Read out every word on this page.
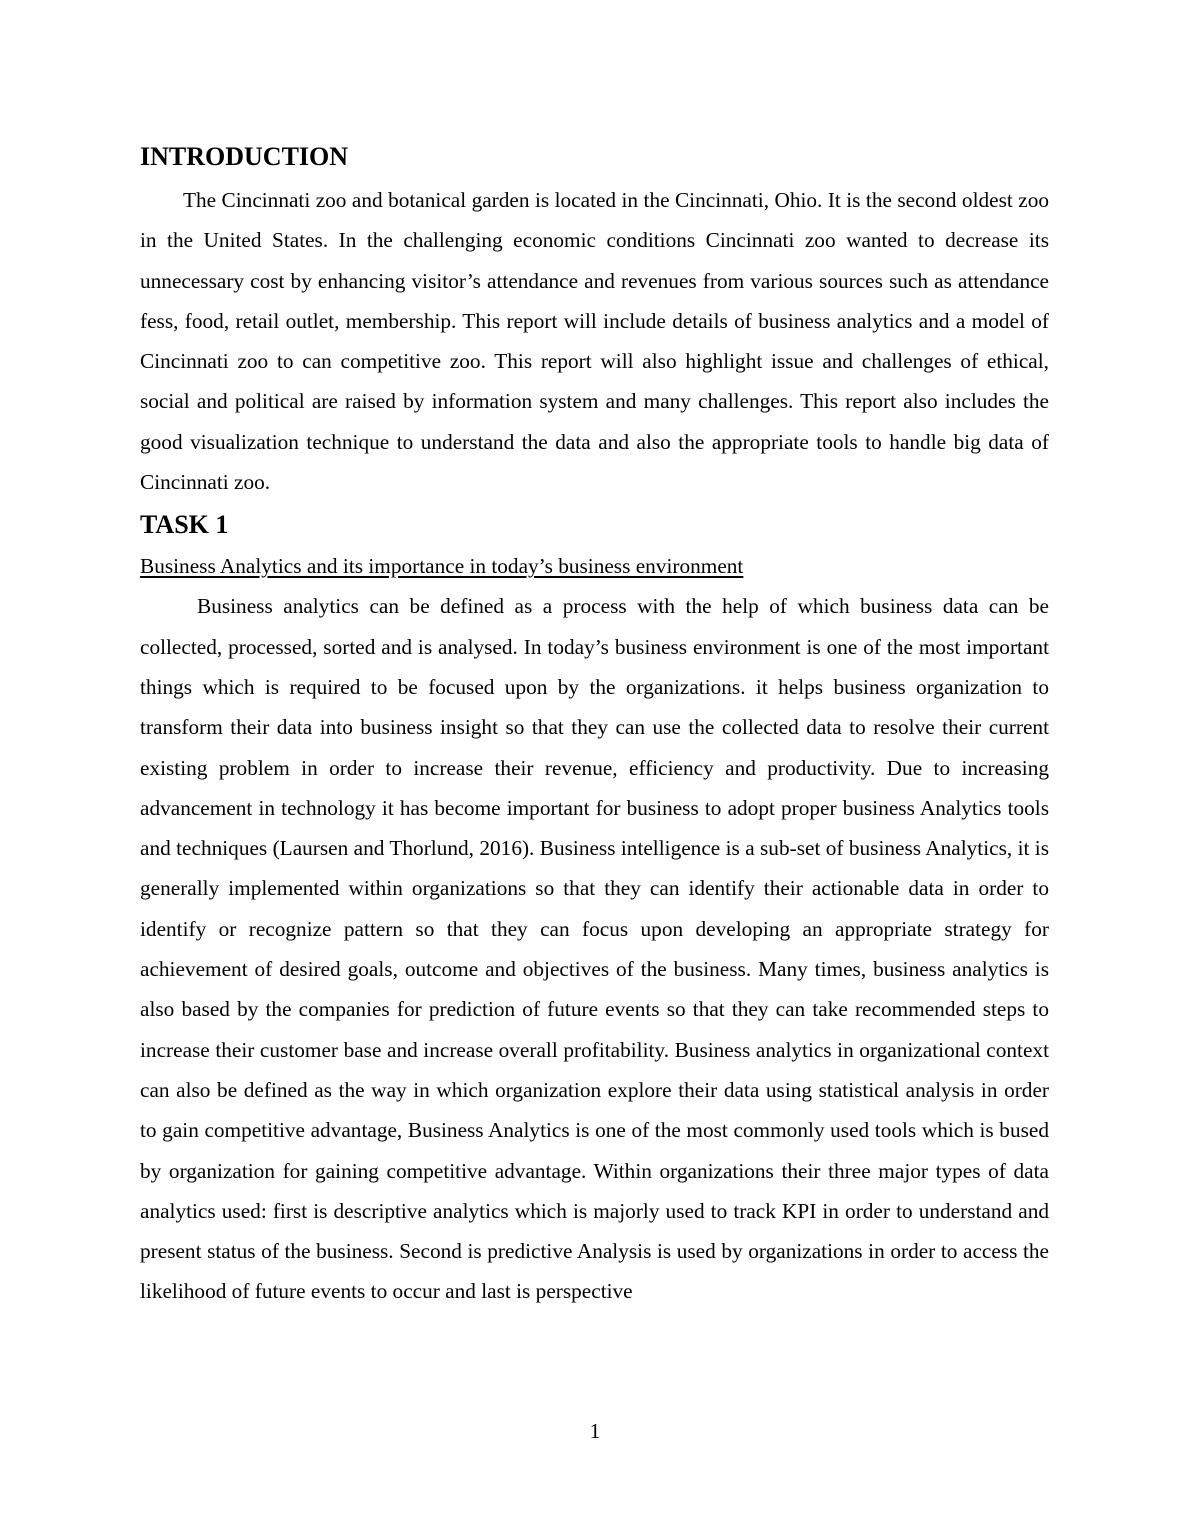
INTRODUCTION

The Cincinnati zoo and botanical garden is located in the Cincinnati, Ohio. It is the second oldest zoo in the United States. In the challenging economic conditions Cincinnati zoo wanted to decrease its unnecessary cost by enhancing visitor’s attendance and revenues from various sources such as attendance fess, food, retail outlet, membership. This report will include details of business analytics and a model of Cincinnati zoo to can competitive zoo. This report will also highlight issue and challenges of ethical, social and political are raised by information system and many challenges. This report also includes the good visualization technique to understand the data and also the appropriate tools to handle big data of Cincinnati zoo.

TASK 1

Business Analytics and its importance in today’s business environment

Business analytics can be defined as a process with the help of which business data can be collected, processed, sorted and is analysed. In today’s business environment is one of the most important things which is required to be focused upon by the organizations. it helps business organization to transform their data into business insight so that they can use the collected data to resolve their current existing problem in order to increase their revenue, efficiency and productivity. Due to increasing advancement in technology it has become important for business to adopt proper business Analytics tools and techniques (Laursen and Thorlund, 2016). Business intelligence is a sub-set of business Analytics, it is generally implemented within organizations so that they can identify their actionable data in order to identify or recognize pattern so that they can focus upon developing an appropriate strategy for achievement of desired goals, outcome and objectives of the business. Many times, business analytics is also based by the companies for prediction of future events so that they can take recommended steps to increase their customer base and increase overall profitability. Business analytics in organizational context can also be defined as the way in which organization explore their data using statistical analysis in order to gain competitive advantage, Business Analytics is one of the most commonly used tools which is bused by organization for gaining competitive advantage. Within organizations their three major types of data analytics used: first is descriptive analytics which is majorly used to track KPI in order to understand and present status of the business. Second is predictive Analysis is used by organizations in order to access the likelihood of future events to occur and last is perspective

1
